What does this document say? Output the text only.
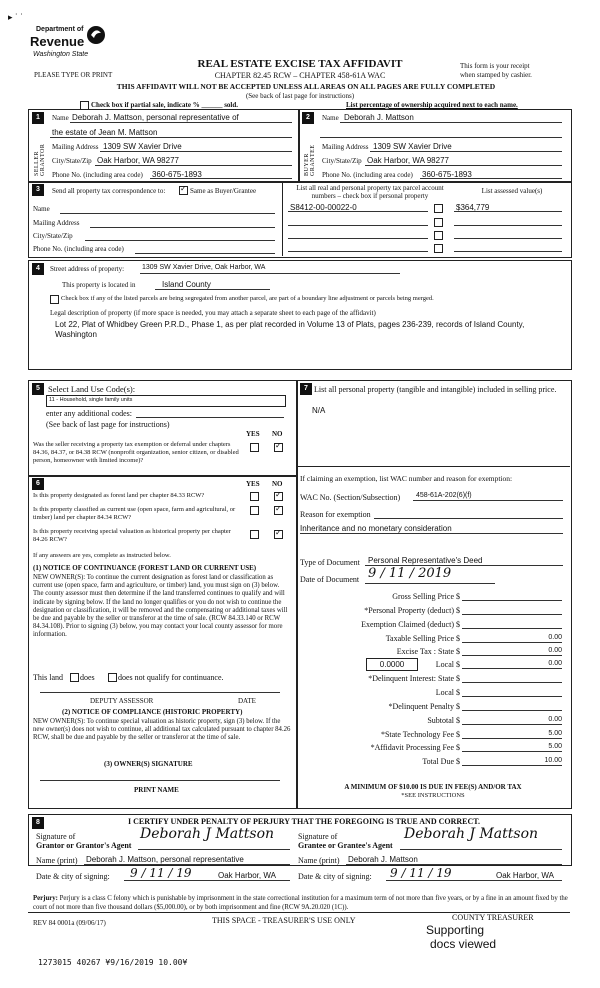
Department of
Revenue
Washington State
▸ ˙ ˙
PLEASE TYPE OR PRINT
REAL ESTATE EXCISE TAX AFFIDAVIT
CHAPTER 82.45 RCW – CHAPTER 458-61A WAC
THIS AFFIDAVIT WILL NOT BE ACCEPTED UNLESS ALL AREAS ON ALL PAGES ARE FULLY COMPLETED
(See back of last page for instructions)
This form is your receipt
when stamped by cashier.
Check box if partial sale, indicate % ______ sold.	List percentage of ownership acquired next to each name.
1
SELLER GRANTOR
Name Deborah J. Mattson, personal representative of
the estate of Jean M. Mattson
Mailing Address 1309 SW Xavier Drive
City/State/Zip Oak Harbor, WA 98277
Phone No. (including area code) 360-675-1893
2
BUYER GRANTEE
Name Deborah J. Mattson
Mailing Address 1309 SW Xavier Drive
City/State/Zip Oak Harbor, WA 98277
Phone No. (including area code) 360-675-1893
3	Send all property tax correspondence to:
✓	Same as Buyer/Grantee
Name
Mailing Address
City/State/Zip
Phone No. (including area code)
List all real and personal property tax parcel account numbers – check box if personal property
List assessed value(s)
S8412-00-00022-0	$364,779
4	Street address of property:	1309 SW Xavier Drive, Oak Harbor, WA
This property is located in	Island County
Check box if any of the listed parcels are being segregated from another parcel, are part of a boundary line adjustment or parcels being merged.
Legal description of property (if more space is needed, you may attach a separate sheet to each page of the affidavit)
Lot 22, Plat of Whidbey Green P.R.D., Phase 1, as per plat recorded in Volume 13 of Plats, pages 236-239, records of Island County, Washington
5 Select Land Use Code(s):
11 - Household, single family units
enter any additional codes:
(See back of last page for instructions)
YES NO
Was the seller receiving a property tax exemption or deferral under chapters 84.36, 84.37, or 84.38 RCW (nonprofit organization, senior citizen, or disabled person, homeowner with limited income)?
✓
6	YES NO
Is this property designated as forest land per chapter 84.33 RCW?
✓
Is this property classified as current use (open space, farm and agricultural, or timber) land per chapter 84.34 RCW?
✓
Is this property receiving special valuation as historical property per chapter 84.26 RCW?
✓
If any answers are yes, complete as instructed below.
(1) NOTICE OF CONTINUANCE (FOREST LAND OR CURRENT USE)
NEW OWNER(S): To continue the current designation as forest land or classification as current use (open space, farm and agriculture, or timber) land, you must sign on (3) below. The county assessor must then determine if the land transferred continues to qualify and will indicate by signing below. If the land no longer qualifies or you do not wish to continue the designation or classification, it will be removed and the compensating or additional taxes will be due and payable by the seller or transferor at the time of sale. (RCW 84.33.140 or RCW 84.34.108). Prior to signing (3) below, you may contact your local county assessor for more information.
This land does	does not qualify for continuance.
DEPUTY ASSESSOR	DATE
(2) NOTICE OF COMPLIANCE (HISTORIC PROPERTY)
NEW OWNER(S): To continue special valuation as historic property, sign (3) below. If the new owner(s) does not wish to continue, all additional tax calculated pursuant to chapter 84.26 RCW, shall be due and payable by the seller or transferor at the time of sale.
(3) OWNER(S) SIGNATURE
PRINT NAME
7 List all personal property (tangible and intangible) included in selling price.
N/A
If claiming an exemption, list WAC number and reason for exemption:
WAC No. (Section/Subsection) 458-61A-202(6)(f)
Reason for exemption
Inheritance and no monetary consideration
Type of Document Personal Representative's Deed
Date of Document 9 / 11 / 2019
Gross Selling Price $
*Personal Property (deduct) $
Exemption Claimed (deduct) $
Taxable Selling Price $	0.00
Excise Tax : State $	0.00
0.0000	Local $	0.00
*Delinquent Interest: State $
Local $
*Delinquent Penalty $
Subtotal $	0.00
*State Technology Fee $	5.00
*Affidavit Processing Fee $	5.00
Total Due $	10.00
A MINIMUM OF $10.00 IS DUE IN FEE(S) AND/OR TAX
*SEE INSTRUCTIONS
8	I CERTIFY UNDER PENALTY OF PERJURY THAT THE FOREGOING IS TRUE AND CORRECT.
Signature of
Grantor or Grantor's Agent
Deborah J Mattson	Signature of
Grantee or Grantee's Agent
Deborah J Mattson
Name (print) Deborah J. Mattson, personal representative	Name (print) Deborah J. Mattson
Date & city of signing: 9 / 11 / 19	Oak Harbor, WA	Date & city of signing: 9 / 11 / 19	Oak Harbor, WA
Perjury: Perjury is a class C felony which is punishable by imprisonment in the state correctional institution for a maximum term of not more than five years, or by a fine in an amount fixed by the court of not more than five thousand dollars ($5,000.00), or by both imprisonment and fine (RCW 9A.20.020 (1C)).
REV 84 0001a (09/06/17)	THIS SPACE - TREASURER'S USE ONLY	COUNTY TREASURER
Supporting
docs viewed
1273015 40267 ¥9/16/2019 10.00¥
